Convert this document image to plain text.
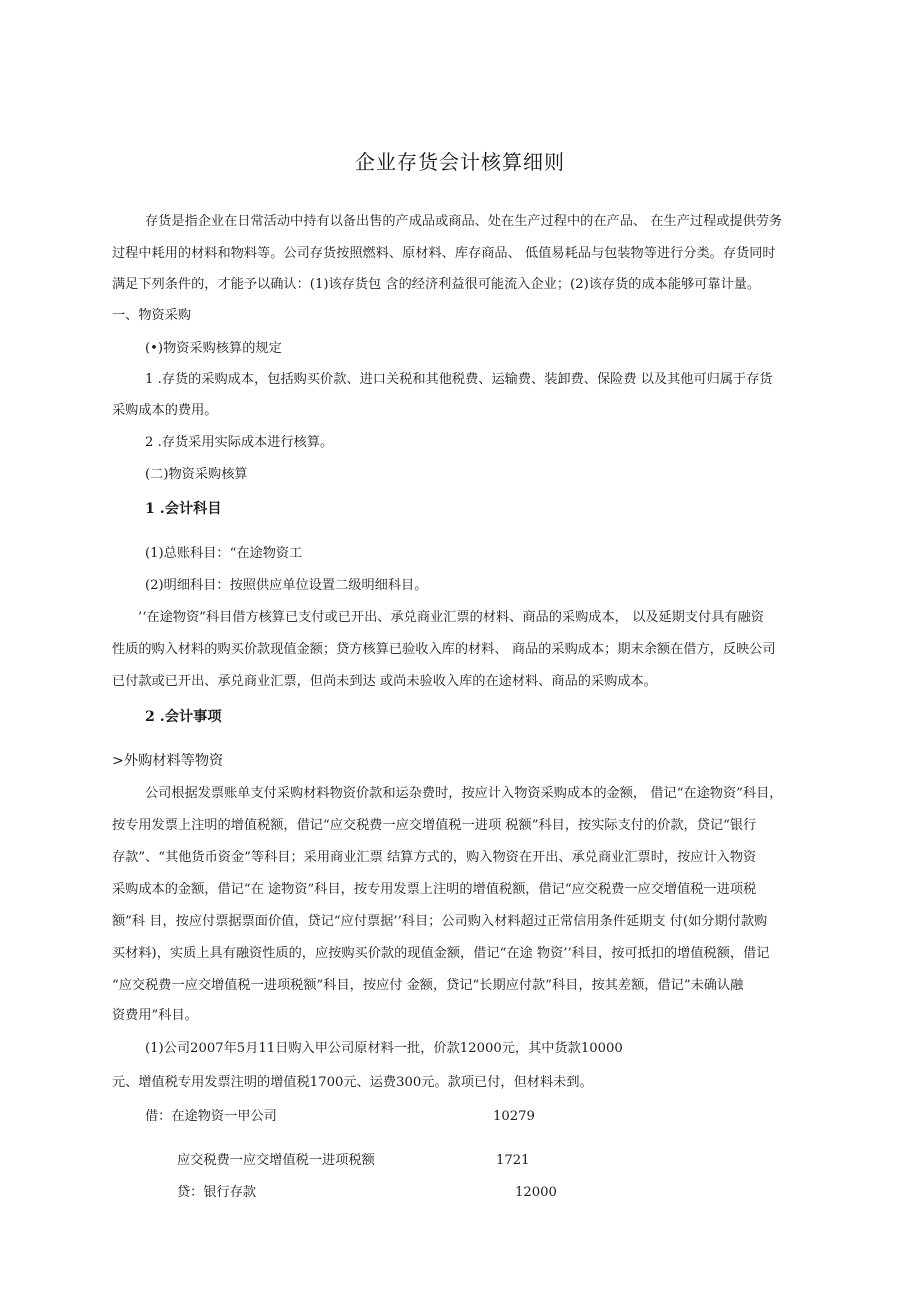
企业存货会计核算细则
存货是指企业在日常活动中持有以备出售的产成品或商品、处在生产过程中的在产品、 在生产过程或提供劳务
过程中耗用的材料和物料等。公司存货按照燃料、原材料、库存商品、 低值易耗品与包装物等进行分类。存货同时
满足下列条件的，才能予以确认：(1)该存货包 含的经济利益很可能流入企业；(2)该存货的成本能够可靠计量。
一、物资采购
(•)物资采购核算的规定
1 .存货的采购成本，包括购买价款、进口关税和其他税费、运输费、装卸费、保险费 以及其他可归属于存货
采购成本的费用。
2 .存货采用实际成本进行核算。
(二)物资采购核算
1 .会计科目
(1)总账科目：“在途物资工
(2)明细科目：按照供应单位设置二级明细科目。
’‘在途物资”科目借方核算已支付或已开出、承兑商业汇票的材料、商品的采购成本， 以及延期支付具有融资
性质的购入材料的购买价款现值金额；贷方核算已验收入库的材料、 商品的采购成本；期末余额在借方，反映公司
已付款或已开出、承兑商业汇票，但尚未到达 或尚未验收入库的在途材料、商品的采购成本。
2 .会计事项
>外购材料等物资
公司根据发票账单支付采购材料物资价款和运杂费时，按应计入物资采购成本的金额， 借记“在途物资”科目，
按专用发票上注明的增值税额，借记“应交税费一应交增值税一进项 税额”科目，按实际支付的价款，贷记“银行
存款”、“其他货币资金”等科目；采用商业汇票 结算方式的，购入物资在开出、承兑商业汇票时，按应计入物资
采购成本的金额，借记“在 途物资”科目，按专用发票上注明的增值税额，借记“应交税费一应交增值税一进项税
额”科 目，按应付票据票面价值，贷记“应付票据’’科目；公司购入材料超过正常信用条件延期支 付(如分期付款购
买材料)，实质上具有融资性质的，应按购买价款的现值金额，借记“在途 物资’’科目，按可抵扣的增值税额，借记
“应交税费一应交增值税一进项税额”科目，按应付 金额，贷记“长期应付款”科目，按其差额，借记”未确认融
资费用”科目。
(1)公司2007年5月11日购入甲公司原材料一批，价款12000元，其中货款10000
元、增值税专用发票注明的增值税1700元、运费300元。款项已付，但材料未到。
借：在途物资一甲公司	10279
应交税费一应交增值税一进项税额	1721
贷：银行存款	12000
